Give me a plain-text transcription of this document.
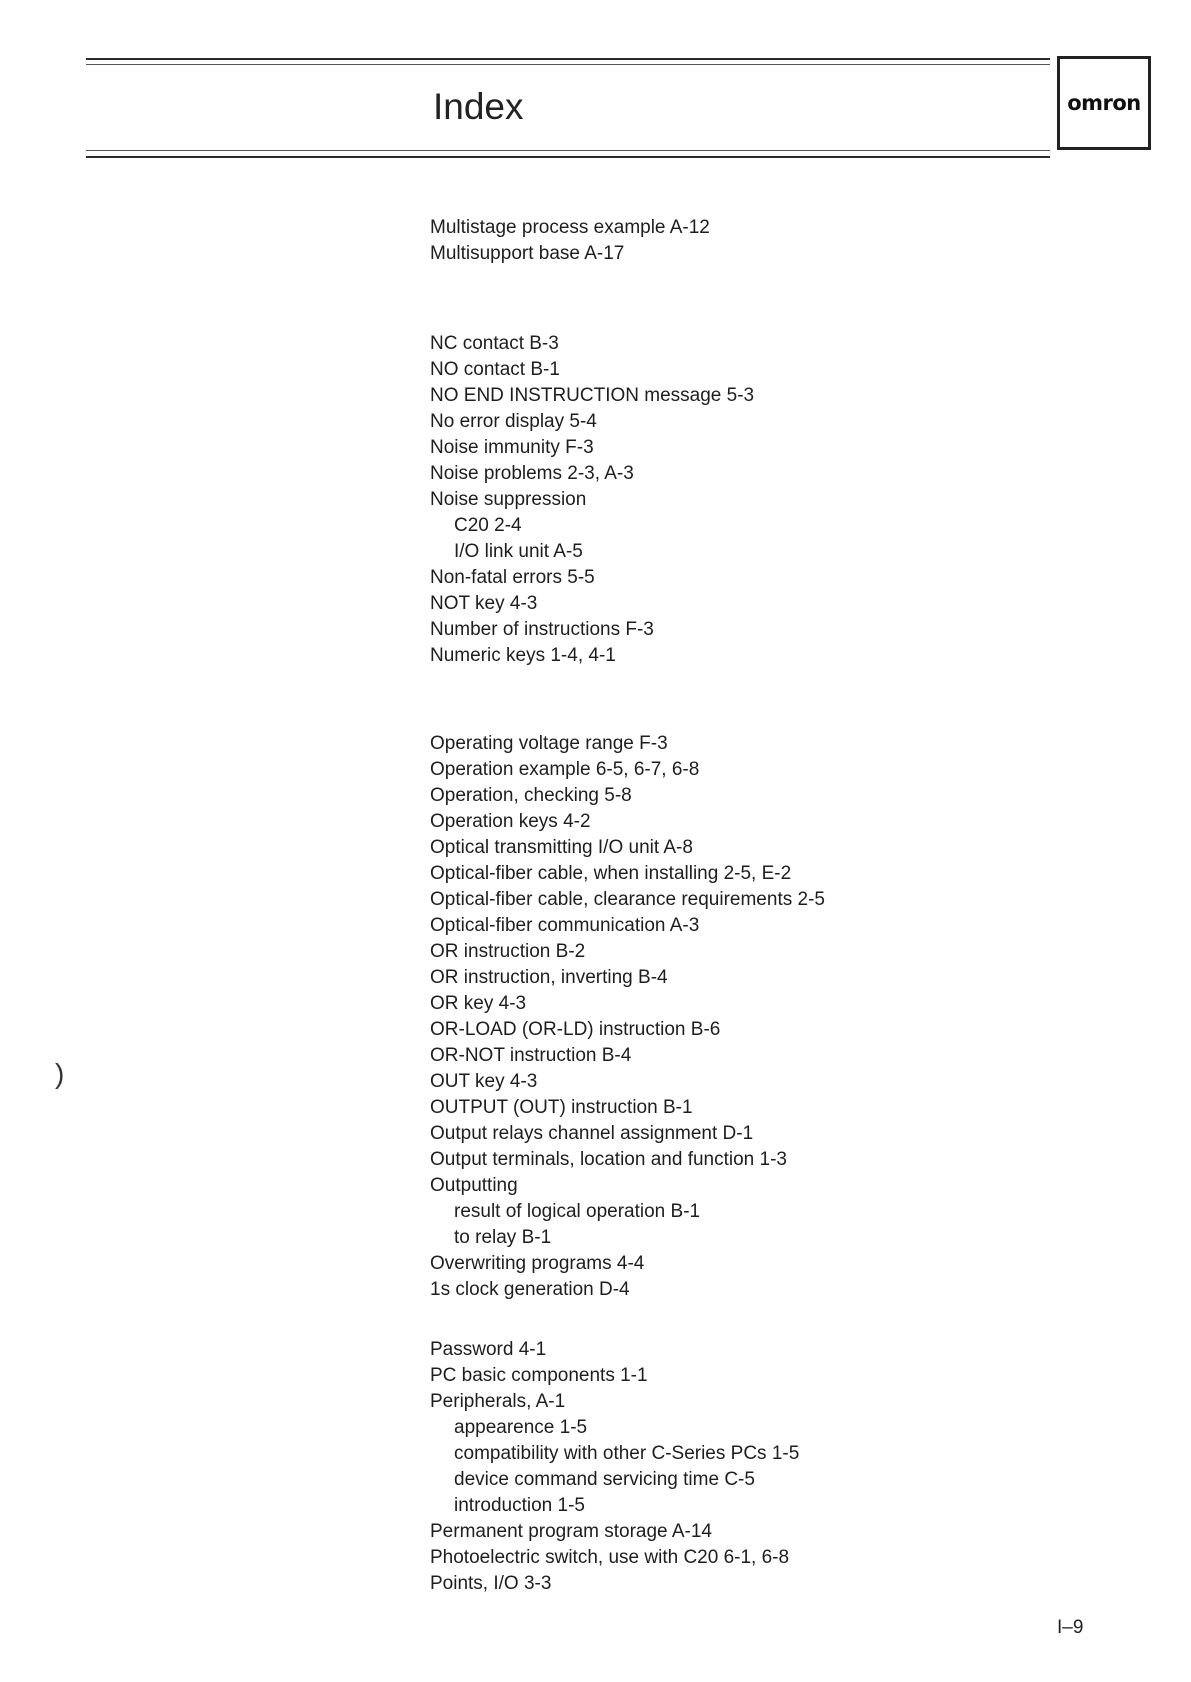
Index	omron
Multistage process example A-12
Multisupport base A-17
NC contact B-3
NO contact B-1
NO END INSTRUCTION message 5-3
No error display 5-4
Noise immunity F-3
Noise problems 2-3, A-3
Noise suppression
C20 2-4
I/O link unit A-5
Non-fatal errors 5-5
NOT key 4-3
Number of instructions F-3
Numeric keys 1-4, 4-1
Operating voltage range F-3
Operation example 6-5, 6-7, 6-8
Operation, checking 5-8
Operation keys 4-2
Optical transmitting I/O unit A-8
Optical-fiber cable, when installing 2-5, E-2
Optical-fiber cable, clearance requirements 2-5
Optical-fiber communication A-3
OR instruction B-2
OR instruction, inverting B-4
OR key 4-3
OR-LOAD (OR-LD) instruction B-6
OR-NOT instruction B-4
OUT key 4-3
OUTPUT (OUT) instruction B-1
Output relays channel assignment D-1
Output terminals, location and function 1-3
Outputting
result of logical operation B-1
to relay B-1
Overwriting programs 4-4
1s clock generation D-4
Password 4-1
PC basic components 1-1
Peripherals, A-1
appearence 1-5
compatibility with other C-Series PCs 1-5
device command servicing time C-5
introduction 1-5
Permanent program storage A-14
Photoelectric switch, use with C20 6-1, 6-8
Points, I/O 3-3
)
I–9
